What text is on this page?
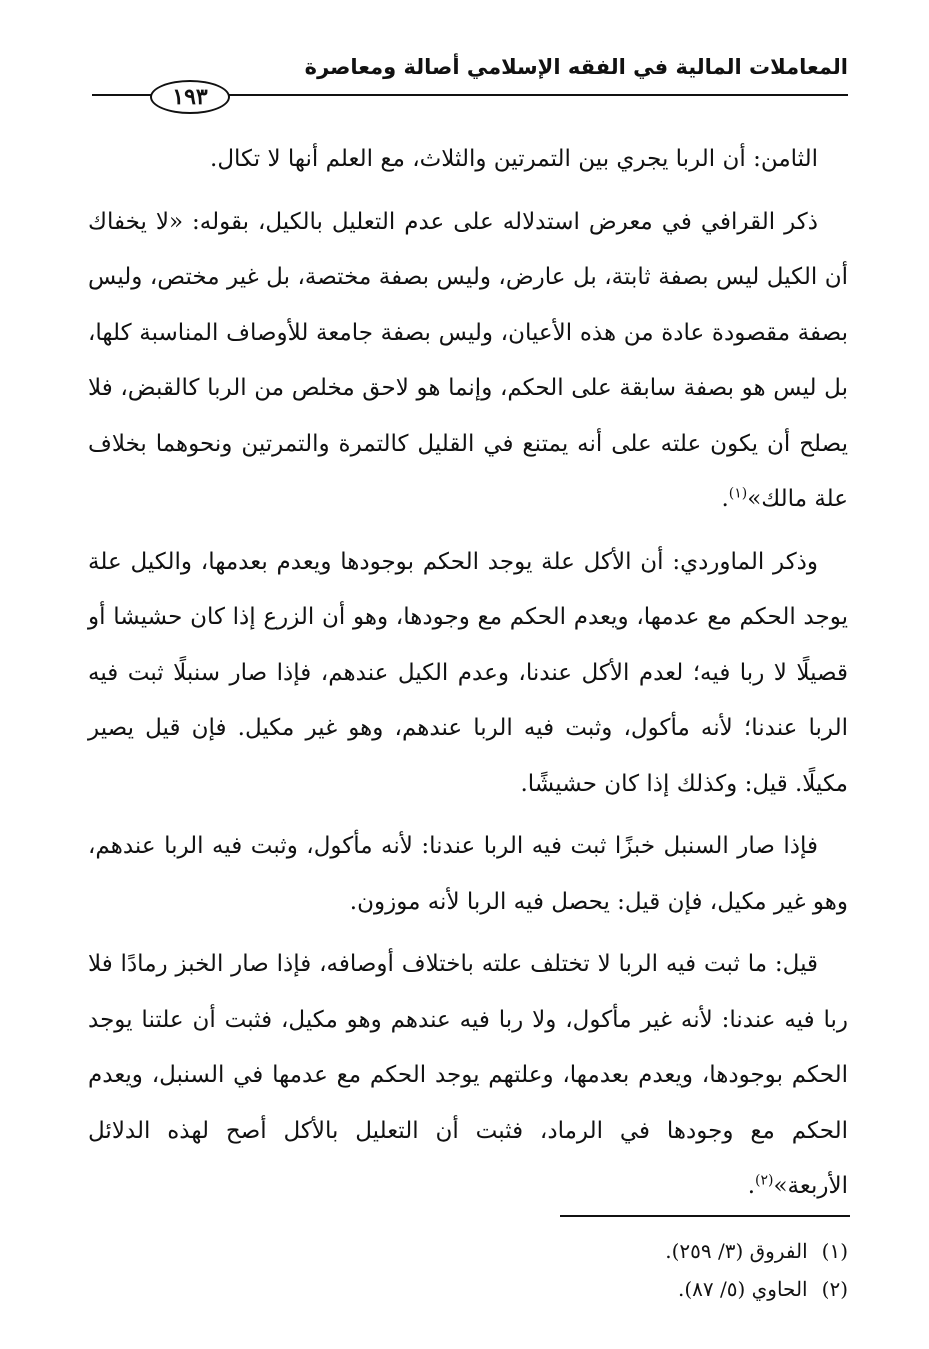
المعاملات المالية في الفقه الإسلامي أصالة ومعاصرة
١٩٣

الثامن: أن الربا يجري بين التمرتين والثلاث، مع العلم أنها لا تكال.

ذكر القرافي في معرض استدلاله على عدم التعليل بالكيل، بقوله: «لا يخفاك أن الكيل ليس بصفة ثابتة، بل عارض، وليس بصفة مختصة، بل غير مختص، وليس بصفة مقصودة عادة من هذه الأعيان، وليس بصفة جامعة للأوصاف المناسبة كلها، بل ليس هو بصفة سابقة على الحكم، وإنما هو لاحق مخلص من الربا كالقبض، فلا يصلح أن يكون علته على أنه يمتنع في القليل كالتمرة والتمرتين ونحوهما بخلاف علة مالك»$^{(١)}$.

وذكر الماوردي: أن الأكل علة يوجد الحكم بوجودها ويعدم بعدمها، والكيل علة يوجد الحكم مع عدمها، ويعدم الحكم مع وجودها، وهو أن الزرع إذا كان حشيشا أو قصيلًا لا ربا فيه؛ لعدم الأكل عندنا، وعدم الكيل عندهم، فإذا صار سنبلًا ثبت فيه الربا عندنا؛ لأنه مأكول، وثبت فيه الربا عندهم، وهو غير مكيل. فإن قيل يصير مكيلًا. قيل: وكذلك إذا كان حشيشًا.

فإذا صار السنبل خبزًا ثبت فيه الربا عندنا: لأنه مأكول، وثبت فيه الربا عندهم، وهو غير مكيل، فإن قيل: يحصل فيه الربا لأنه موزون.

قيل: ما ثبت فيه الربا لا تختلف علته باختلاف أوصافه، فإذا صار الخبز رمادًا فلا ربا فيه عندنا: لأنه غير مأكول، ولا ربا فيه عندهم وهو مكيل، فثبت أن علتنا يوجد الحكم بوجودها، ويعدم بعدمها، وعلتهم يوجد الحكم مع عدمها في السنبل، ويعدم الحكم مع وجودها في الرماد، فثبت أن التعليل بالأكل أصح لهذه الدلائل الأربعة»$^{(٢)}$.

(١)الفروق (٣/ ٢٥٩).
(٢)الحاوي (٥/ ٨٧).
